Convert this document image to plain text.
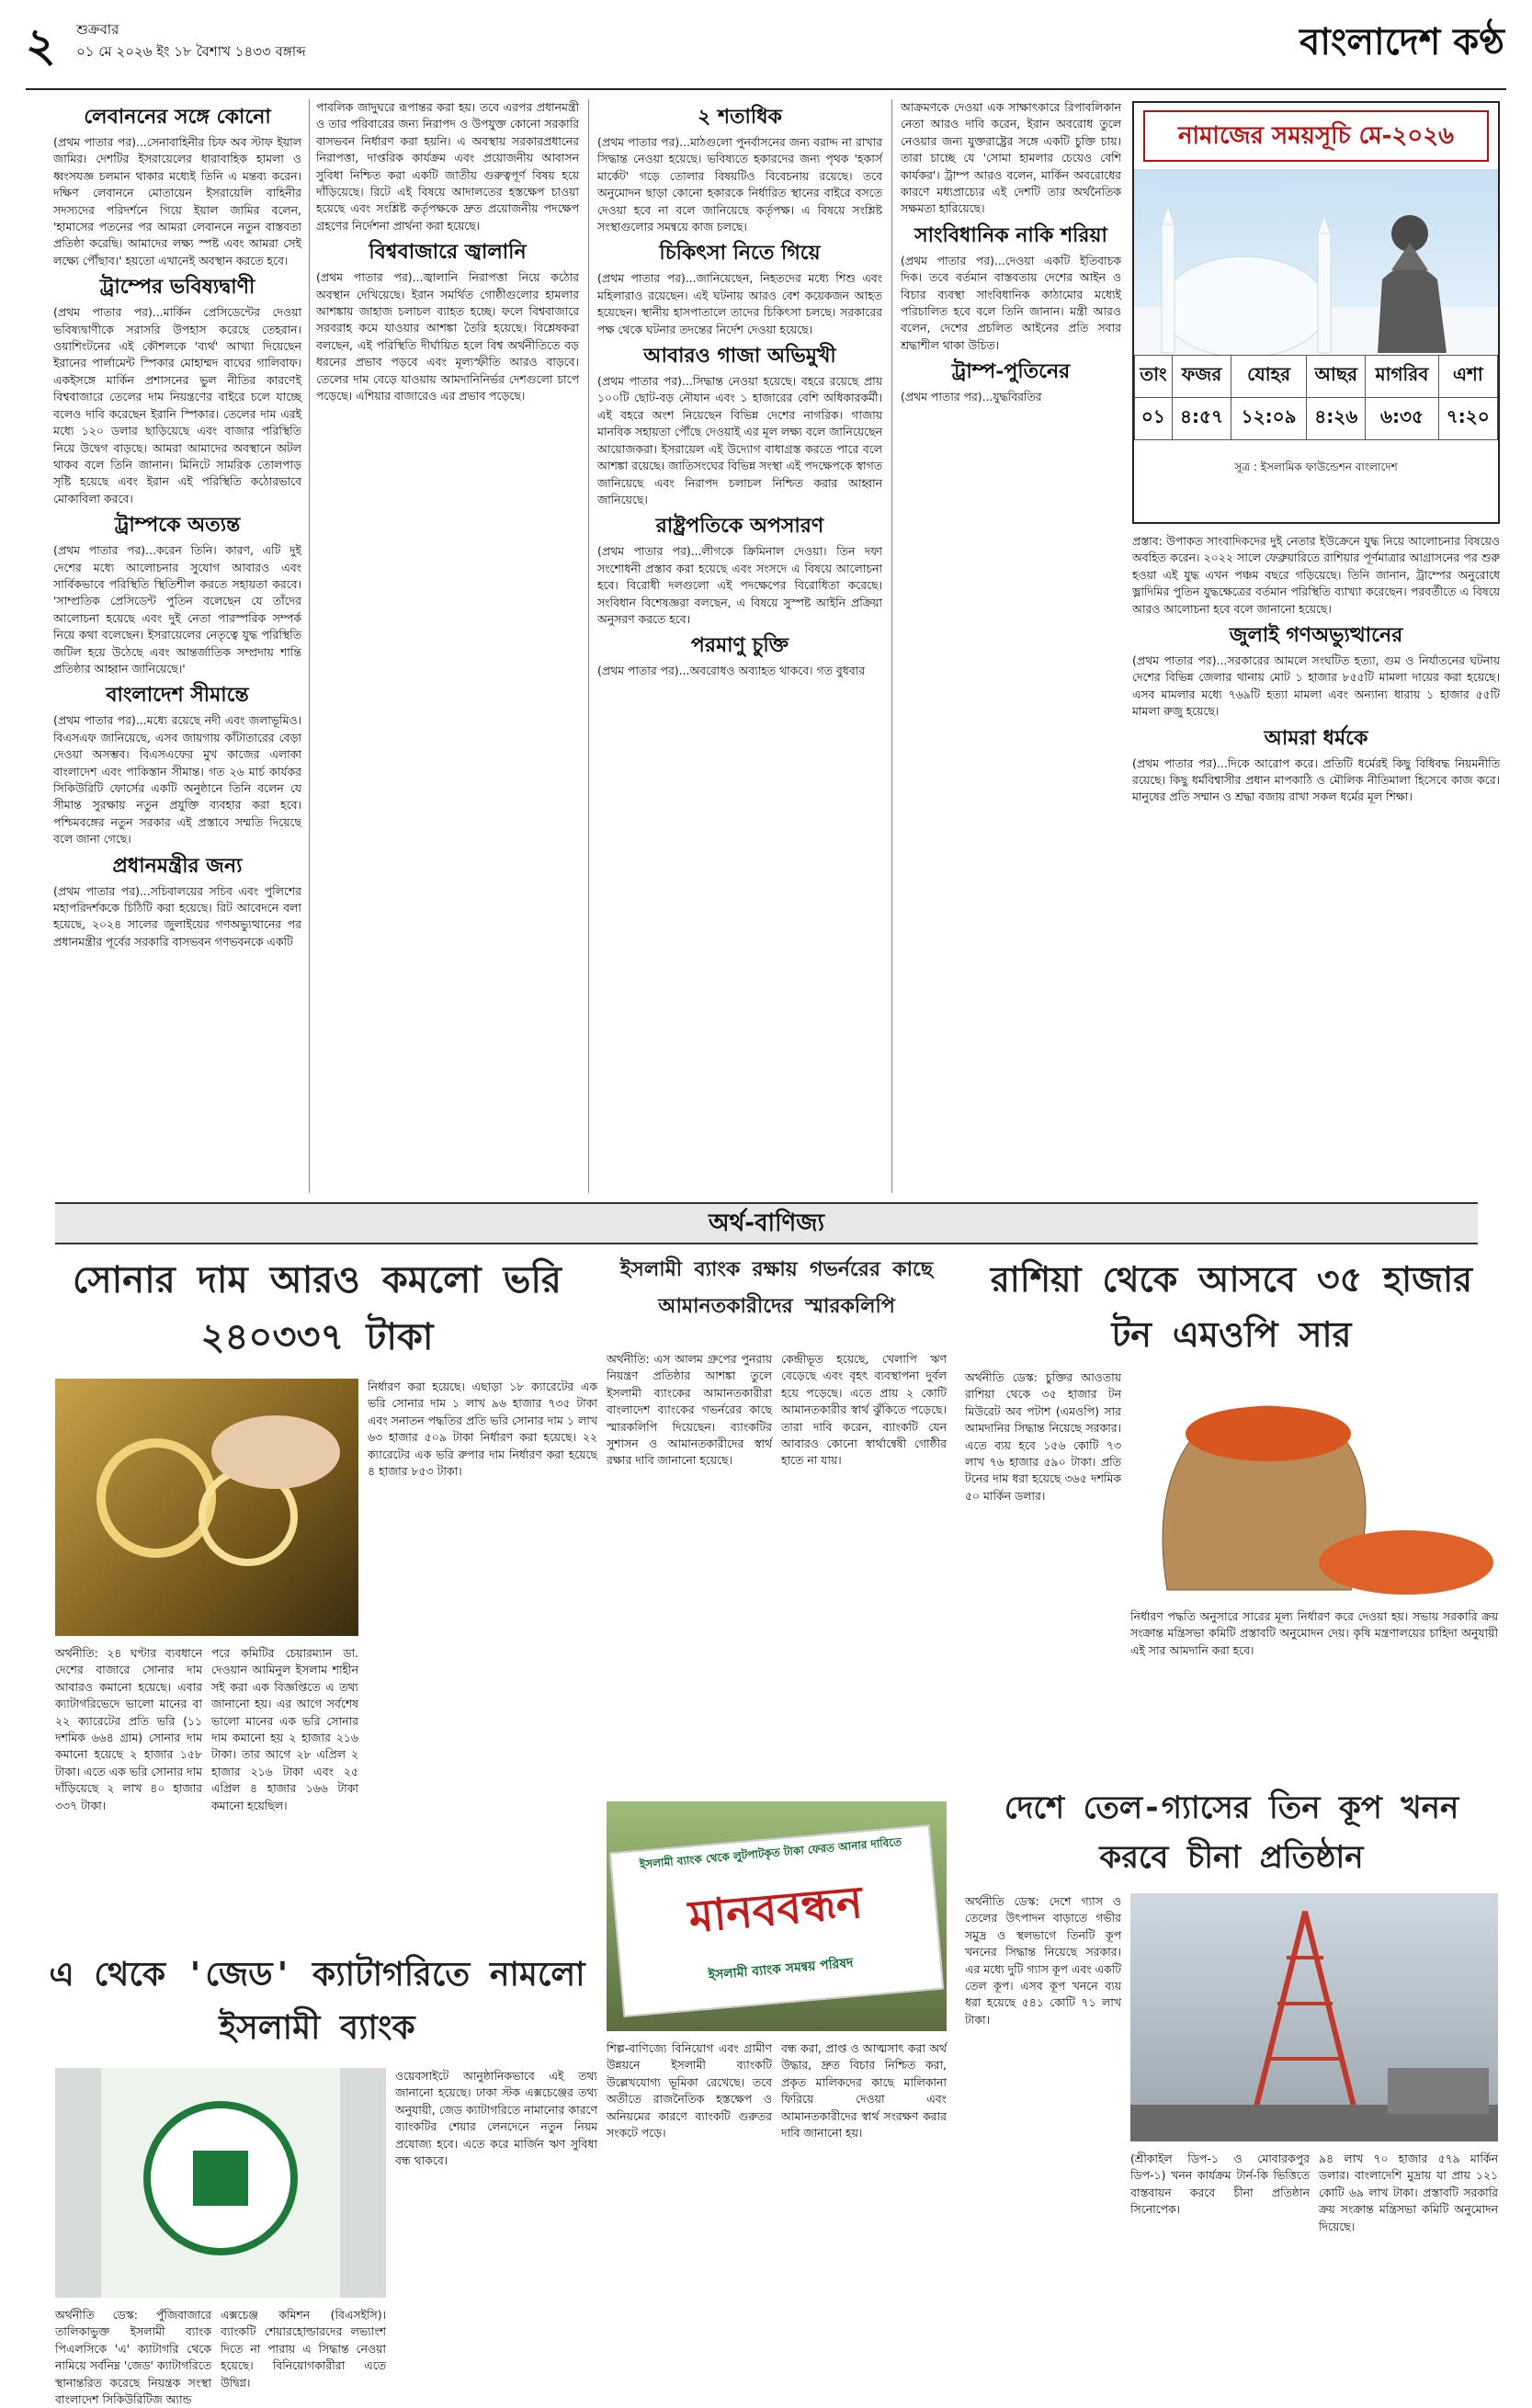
২ শুক্রবার
০১ মে ২০২৬ ইং ১৮ বৈশাখ ১৪৩৩ বঙ্গাব্দ	বাংলাদেশ কণ্ঠ
লেবাননের সঙ্গে কোনো

(প্রথম পাতার পর)...সেনাবাহিনীর চিফ অব স্টাফ ইয়াল জামির। দেশটির ইসরায়েলের ধারাবাহিক হামলা ও ধ্বংসযজ্ঞ চলমান থাকার মধ্যেই তিনি এ মন্তব্য করেন। দক্ষিণ লেবাননে মোতায়েন ইসরায়েলি বাহিনীর সদস্যদের পরিদর্শনে গিয়ে ইয়াল জামির বলেন, 'হামাসের পতনের পর আমরা লেবাননে নতুন বাস্তবতা প্রতিষ্ঠা করেছি। আমাদের লক্ষ্য স্পষ্ট এবং আমরা সেই লক্ষ্যে পৌঁছাব।' হয়তো এখানেই অবস্থান করতে হবে।

ট্রাম্পের ভবিষ্যদ্বাণী

(প্রথম পাতার পর)...মার্কিন প্রেসিডেন্টের দেওয়া ভবিষ্যদ্বাণীকে সরাসরি উপহাস করেছে তেহরান। ওয়াশিংটনের এই কৌশলকে 'ব্যর্থ' আখ্যা দিয়েছেন ইরানের পার্লামেন্ট স্পিকার মোহাম্মদ বাঘের গালিবাফ। একইসঙ্গে মার্কিন প্রশাসনের ভুল নীতির কারণেই বিশ্ববাজারে তেলের দাম নিয়ন্ত্রণের বাইরে চলে যাচ্ছে বলেও দাবি করেছেন ইরানি স্পিকার। তেলের দাম এরই মধ্যে ১২০ ডলার ছাড়িয়েছে এবং বাজার পরিস্থিতি নিয়ে উদ্বেগ বাড়ছে। আমরা আমাদের অবস্থানে অটল থাকব বলে তিনি জানান। মিনিটে সামরিক তোলপাড় সৃষ্টি হয়েছে এবং ইরান এই পরিস্থিতি কঠোরভাবে মোকাবিলা করবে।

ট্রাম্পকে অত্যন্ত

(প্রথম পাতার পর)...করেন তিনি। কারণ, এটি দুই দেশের মধ্যে আলোচনার সুযোগ আবারও এবং সার্বিকভাবে পরিস্থিতি স্থিতিশীল করতে সহায়তা করবে। 'সাম্প্রতিক প্রেসিডেন্ট পুতিন বলেছেন যে তাঁদের আলোচনা হয়েছে এবং দুই নেতা পারস্পরিক সম্পর্ক নিয়ে কথা বলেছেন। ইসরায়েলের নেতৃত্বে যুদ্ধ পরিস্থিতি জটিল হয়ে উঠেছে এবং আন্তর্জাতিক সম্প্রদায় শান্তি প্রতিষ্ঠার আহ্বান জানিয়েছে।'

বাংলাদেশ সীমান্তে

(প্রথম পাতার পর)...মধ্যে রয়েছে নদী এবং জলাভূমিও। বিএসএফ জানিয়েছে, এসব জায়গায় কাঁটাতারের বেড়া দেওয়া অসম্ভব। বিএসএফের মুখ কাজের এলাকা বাংলাদেশ এবং পাকিস্তান সীমান্ত। গত ২৬ মার্চ কার্যকর সিকিউরিটি ফোর্সের একটি অনুষ্ঠানে তিনি বলেন যে সীমান্ত সুরক্ষায় নতুন প্রযুক্তি ব্যবহার করা হবে। পশ্চিমবঙ্গের নতুন সরকার এই প্রস্তাবে সম্মতি দিয়েছে বলে জানা গেছে।

প্রধানমন্ত্রীর জন্য

(প্রথম পাতার পর)...সচিবালয়ের সচিব এবং পুলিশের মহাপরিদর্শককে চিঠিটি করা হয়েছে। রিট আবেদনে বলা হয়েছে, ২০২৪ সালের জুলাইয়ের গণঅভ্যুত্থানের পর প্রধানমন্ত্রীর পূর্বের সরকারি বাসভবন গণভবনকে একটি

পাবলিক জাদুঘরে রূপান্তর করা হয়। তবে এরপর প্রধানমন্ত্রী ও তার পরিবারের জন্য নিরাপদ ও উপযুক্ত কোনো সরকারি বাসভবন নির্ধারণ করা হয়নি। এ অবস্থায় সরকারপ্রধানের নিরাপত্তা, দাপ্তরিক কার্যক্রম এবং প্রয়োজনীয় আবাসন সুবিধা নিশ্চিত করা একটি জাতীয় গুরুত্বপূর্ণ বিষয় হয়ে দাঁড়িয়েছে। রিটে এই বিষয়ে আদালতের হস্তক্ষেপ চাওয়া হয়েছে এবং সংশ্লিষ্ট কর্তৃপক্ষকে দ্রুত প্রয়োজনীয় পদক্ষেপ গ্রহণের নির্দেশনা প্রার্থনা করা হয়েছে।

বিশ্ববাজারে জ্বালানি

(প্রথম পাতার পর)...জ্বালানি নিরাপত্তা নিয়ে কঠোর অবস্থান দেখিয়েছে। ইরান সমর্থিত গোষ্ঠীগুলোর হামলার আশঙ্কায় জাহাজ চলাচল ব্যাহত হচ্ছে। ফলে বিশ্ববাজারে সরবরাহ কমে যাওয়ার আশঙ্কা তৈরি হয়েছে। বিশ্লেষকরা বলছেন, এই পরিস্থিতি দীর্ঘায়িত হলে বিশ্ব অর্থনীতিতে বড় ধরনের প্রভাব পড়বে এবং মূল্যস্ফীতি আরও বাড়বে। তেলের দাম বেড়ে যাওয়ায় আমদানিনির্ভর দেশগুলো চাপে পড়েছে। এশিয়ার বাজারেও এর প্রভাব পড়েছে।

২ শতাধিক

(প্রথম পাতার পর)...মাঠগুলো পুনর্বাসনের জন্য বরাদ্দ না রাখার সিদ্ধান্ত নেওয়া হয়েছে। ভবিষ্যতে হকারদের জন্য পৃথক 'হকার্স মার্কেট' গড়ে তোলার বিষয়টিও বিবেচনায় রয়েছে। তবে অনুমোদন ছাড়া কোনো হকারকে নির্ধারিত স্থানের বাইরে বসতে দেওয়া হবে না বলে জানিয়েছে কর্তৃপক্ষ। এ বিষয়ে সংশ্লিষ্ট সংস্থাগুলোর সমন্বয়ে কাজ চলছে।

চিকিৎসা নিতে গিয়ে

(প্রথম পাতার পর)...জানিয়েছেন, নিহতদের মধ্যে শিশু এবং মহিলারাও রয়েছেন। এই ঘটনায় আরও বেশ কয়েকজন আহত হয়েছেন। স্থানীয় হাসপাতালে তাদের চিকিৎসা চলছে। সরকারের পক্ষ থেকে ঘটনার তদন্তের নির্দেশ দেওয়া হয়েছে।

আবারও গাজা অভিমুখী

(প্রথম পাতার পর)...সিদ্ধান্ত নেওয়া হয়েছে। বহরে রয়েছে প্রায় ১০০টি ছোট-বড় নৌযান এবং ১ হাজারের বেশি অধিকারকর্মী। এই বহরে অংশ নিয়েছেন বিভিন্ন দেশের নাগরিক। গাজায় মানবিক সহায়তা পৌঁছে দেওয়াই এর মূল লক্ষ্য বলে জানিয়েছেন আয়োজকরা। ইসরায়েল এই উদ্যোগ বাধাগ্রস্ত করতে পারে বলে আশঙ্কা রয়েছে। জাতিসংঘের বিভিন্ন সংস্থা এই পদক্ষেপকে স্বাগত জানিয়েছে এবং নিরাপদ চলাচল নিশ্চিত করার আহ্বান জানিয়েছে।

রাষ্ট্রপতিকে অপসারণ

(প্রথম পাতার পর)...লীগকে ক্রিমিনাল দেওয়া। তিন দফা সংশোধনী প্রস্তাব করা হয়েছে এবং সংসদে এ বিষয়ে আলোচনা হবে। বিরোধী দলগুলো এই পদক্ষেপের বিরোধিতা করেছে। সংবিধান বিশেষজ্ঞরা বলছেন, এ বিষয়ে সুস্পষ্ট আইনি প্রক্রিয়া অনুসরণ করতে হবে।

পরমাণু চুক্তি

(প্রথম পাতার পর)...অবরোধও অব্যাহত থাকবে। গত বুধবার

আক্রমণকে দেওয়া এক সাক্ষাৎকারে রিপাবলিকান নেতা আরও দাবি করেন, ইরান অবরোধ তুলে নেওয়ার জন্য যুক্তরাষ্ট্রের সঙ্গে একটি চুক্তি চায়। তারা চাচ্ছে যে 'সোমা হামলার চেয়েও বেশি কার্যকর'। ট্রাম্প আরও বলেন, মার্কিন অবরোধের কারণে মধ্যপ্রাচ্যের এই দেশটি তার অর্থনৈতিক সক্ষমতা হারিয়েছে।

সাংবিধানিক নাকি শরিয়া

(প্রথম পাতার পর)...দেওয়া একটি ইতিবাচক দিক। তবে বর্তমান বাস্তবতায় দেশের আইন ও বিচার ব্যবস্থা সাংবিধানিক কাঠামোর মধ্যেই পরিচালিত হবে বলে তিনি জানান। মন্ত্রী আরও বলেন, দেশের প্রচলিত আইনের প্রতি সবার শ্রদ্ধাশীল থাকা উচিত।

ট্রাম্প-পুতিনের

(প্রথম পাতার পর)...যুদ্ধবিরতির

নামাজের সময়সূচি মে-২০২৬
তাং	ফজর	যোহর	আছর	মাগরিব	এশা
০১	৪:৫৭	১২:০৯	৪:২৬	৬:৩৫	৭:২০
সূত্র : ইসলামিক ফাউন্ডেশন বাংলাদেশ

প্রস্তাব: উপাকত সাংবাদিকদের দুই নেতার ইউক্রেনে যুদ্ধ নিয়ে আলোচনার বিষয়েও অবহিত করেন। ২০২২ সালে ফেব্রুয়ারিতে রাশিয়ার পূর্ণমাত্রার আগ্রাসনের পর শুরু হওয়া এই যুদ্ধ এখন পঞ্চম বছরে গড়িয়েছে। তিনি জানান, ট্রাম্পের অনুরোধে ভ্লাদিমির পুতিন যুদ্ধক্ষেত্রের বর্তমান পরিস্থিতি ব্যাখ্যা করেছেন। পরবর্তীতে এ বিষয়ে আরও আলোচনা হবে বলে জানানো হয়েছে।

জুলাই গণঅভ্যুত্থানের

(প্রথম পাতার পর)...সরকারের আমলে সংঘটিত হত্যা, গুম ও নির্যাতনের ঘটনায় দেশের বিভিন্ন জেলার থানায় মোট ১ হাজার ৮৫৫টি মামলা দায়ের করা হয়েছে। এসব মামলার মধ্যে ৭৬৯টি হত্যা মামলা এবং অন্যান্য ধারায় ১ হাজার ৫৫টি মামলা রুজু হয়েছে।

আমরা ধর্মকে

(প্রথম পাতার পর)...দিকে আরোপ করে। প্রতিটি ধর্মেরই কিছু বিধিবদ্ধ নিয়মনীতি রয়েছে। কিছু ধর্মবিশ্বাসীর প্রধান মাপকাঠি ও মৌলিক নীতিমালা হিসেবে কাজ করে। মানুষের প্রতি সম্মান ও শ্রদ্ধা বজায় রাখা সকল ধর্মের মূল শিক্ষা।

অর্থ-বাণিজ্য
সোনার দাম আরও কমলো ভরি ২৪০৩৩৭ টাকা
অর্থনীতি: ২৪ ঘণ্টার ব্যবধানে দেশের বাজারে সোনার দাম আবারও কমানো হয়েছে। এবার ক্যাটাগরিভেদে ভালো মানের বা ২২ ক্যারেটের প্রতি ভরি (১১ দশমিক ৬৬৪ গ্রাম) সোনার দাম কমানো হয়েছে ২ হাজার ১৫৮ টাকা। এতে এক ভরি সোনার দাম দাঁড়িয়েছে ২ লাখ ৪০ হাজার ৩৩৭ টাকা।
পরে কমিটির চেয়ারম্যান ডা. দেওয়ান আমিনুল ইসলাম শাহীন সই করা এক বিজ্ঞপ্তিতে এ তথ্য জানানো হয়। এর আগে সর্বশেষ ভালো মানের এক ভরি সোনার দাম কমানো হয় ২ হাজার ২১৬ টাকা। তার আগে ২৮ এপ্রিল ২ হাজার ২১৬ টাকা এবং ২৫ এপ্রিল ৪ হাজার ১৬৬ টাকা কমানো হয়েছিল।
নির্ধারণ করা হয়েছে। এছাড়া ১৮ ক্যারেটের এক ভরি সোনার দাম ১ লাখ ৯৬ হাজার ৭৩৫ টাকা এবং সনাতন পদ্ধতির প্রতি ভরি সোনার দাম ১ লাখ ৬৩ হাজার ৫০৯ টাকা নির্ধারণ করা হয়েছে। ২২ ক্যারেটের এক ভরি রুপার দাম নির্ধারণ করা হয়েছে ৪ হাজার ৮৫৩ টাকা।
এ থেকে 'জেড' ক্যাটাগরিতে নামলো ইসলামী ব্যাংক
অর্থনীতি ডেস্ক: পুঁজিবাজারে তালিকাভুক্ত ইসলামী ব্যাংক পিএলসিকে 'এ' ক্যাটাগরি থেকে নামিয়ে সর্বনিম্ন 'জেড' ক্যাটাগরিতে স্থানান্তরিত করেছে নিয়ন্ত্রক সংস্থা বাংলাদেশ সিকিউরিটিজ অ্যান্ড
এক্সচেঞ্জ কমিশন (বিএসইসি)। ব্যাংকটি শেয়ারহোল্ডারদের লভ্যাংশ দিতে না পারায় এ সিদ্ধান্ত নেওয়া হয়েছে। বিনিয়োগকারীরা এতে উদ্বিগ্ন।
ওয়েবসাইটে আনুষ্ঠানিকভাবে এই তথ্য জানানো হয়েছে। ঢাকা স্টক এক্সচেঞ্জের তথ্য অনুযায়ী, জেড ক্যাটাগরিতে নামানোর কারণে ব্যাংকটির শেয়ার লেনদেনে নতুন নিয়ম প্রযোজ্য হবে। এতে করে মার্জিন ঋণ সুবিধা বন্ধ থাকবে।
ইসলামী ব্যাংক রক্ষায় গভর্নরের কাছে আমানতকারীদের স্মারকলিপি
অর্থনীতি: এস আলম গ্রুপের পুনরায় নিয়ন্ত্রণ প্রতিষ্ঠার আশঙ্কা তুলে ইসলামী ব্যাংকের আমানতকারীরা বাংলাদেশ ব্যাংকের গভর্নরের কাছে স্মারকলিপি দিয়েছেন। ব্যাংকটির সুশাসন ও আমানতকারীদের স্বার্থ রক্ষার দাবি জানানো হয়েছে।
কেন্দ্রীভূত হয়েছে, খেলাপি ঋণ বেড়েছে এবং বৃহৎ ব্যবস্থাপনা দুর্বল হয়ে পড়েছে। এতে প্রায় ২ কোটি আমানতকারীর স্বার্থ ঝুঁকিতে পড়েছে। তারা দাবি করেন, ব্যাংকটি যেন আবারও কোনো স্বার্থান্বেষী গোষ্ঠীর হাতে না যায়।
ইসলামী ব্যাংক থেকে লুটপাটকৃত টাকা ফেরত আনার দাবিতে
মানববন্ধন
ইসলামী ব্যাংক সমন্বয় পরিষদ
শিল্প-বাণিজ্যে বিনিয়োগ এবং গ্রামীণ উন্নয়নে ইসলামী ব্যাংকটি উল্লেখযোগ্য ভূমিকা রেখেছে। তবে অতীতে রাজনৈতিক হস্তক্ষেপ ও অনিয়মের কারণে ব্যাংকটি গুরুতর সংকটে পড়ে।
বন্ধ করা, প্রাপ্ত ও আত্মসাৎ করা অর্থ উদ্ধার, দ্রুত বিচার নিশ্চিত করা, প্রকৃত মালিকদের কাছে মালিকানা ফিরিয়ে দেওয়া এবং আমানতকারীদের স্বার্থ সংরক্ষণ করার দাবি জানানো হয়।
রাশিয়া থেকে আসবে ৩৫ হাজার টন এমওপি সার
অর্থনীতি ডেস্ক: চুক্তির আওতায় রাশিয়া থেকে ৩৫ হাজার টন মিউরেট অব পটাশ (এমওপি) সার আমদানির সিদ্ধান্ত নিয়েছে সরকার। এতে ব্যয় হবে ১৫৬ কোটি ৭৩ লাখ ৭৬ হাজার ৫৯০ টাকা। প্রতি টনের দাম ধরা হয়েছে ৩৬৫ দশমিক ৫০ মার্কিন ডলার।
নির্ধারণ পদ্ধতি অনুসারে সারের মূল্য নির্ধারণ করে দেওয়া হয়। সভায় সরকারি ক্রয় সংক্রান্ত মন্ত্রিসভা কমিটি প্রস্তাবটি অনুমোদন দেয়। কৃষি মন্ত্রণালয়ের চাহিদা অনুযায়ী এই সার আমদানি করা হবে।
দেশে তেল-গ্যাসের তিন কূপ খনন করবে চীনা প্রতিষ্ঠান
অর্থনীতি ডেস্ক: দেশে গ্যাস ও তেলের উৎপাদন বাড়াতে গভীর সমুদ্র ও স্থলভাগে তিনটি কূপ খননের সিদ্ধান্ত নিয়েছে সরকার। এর মধ্যে দুটি গ্যাস কূপ এবং একটি তেল কূপ। এসব কূপ খননে ব্যয় ধরা হয়েছে ৫৪১ কোটি ৭১ লাখ টাকা।
(শ্রীকাইল ডিপ-১ ও মোবারকপুর ডিপ-১) খনন কার্যক্রম টার্ন-কি ভিত্তিতে বাস্তবায়ন করবে চীনা প্রতিষ্ঠান সিনোপেক।
৯৪ লাখ ৭০ হাজার ৫৭৯ মার্কিন ডলার। বাংলাদেশি মুদ্রায় যা প্রায় ১২১ কোটি ৬৯ লাখ টাকা। প্রস্তাবটি সরকারি ক্রয় সংক্রান্ত মন্ত্রিসভা কমিটি অনুমোদন দিয়েছে।
